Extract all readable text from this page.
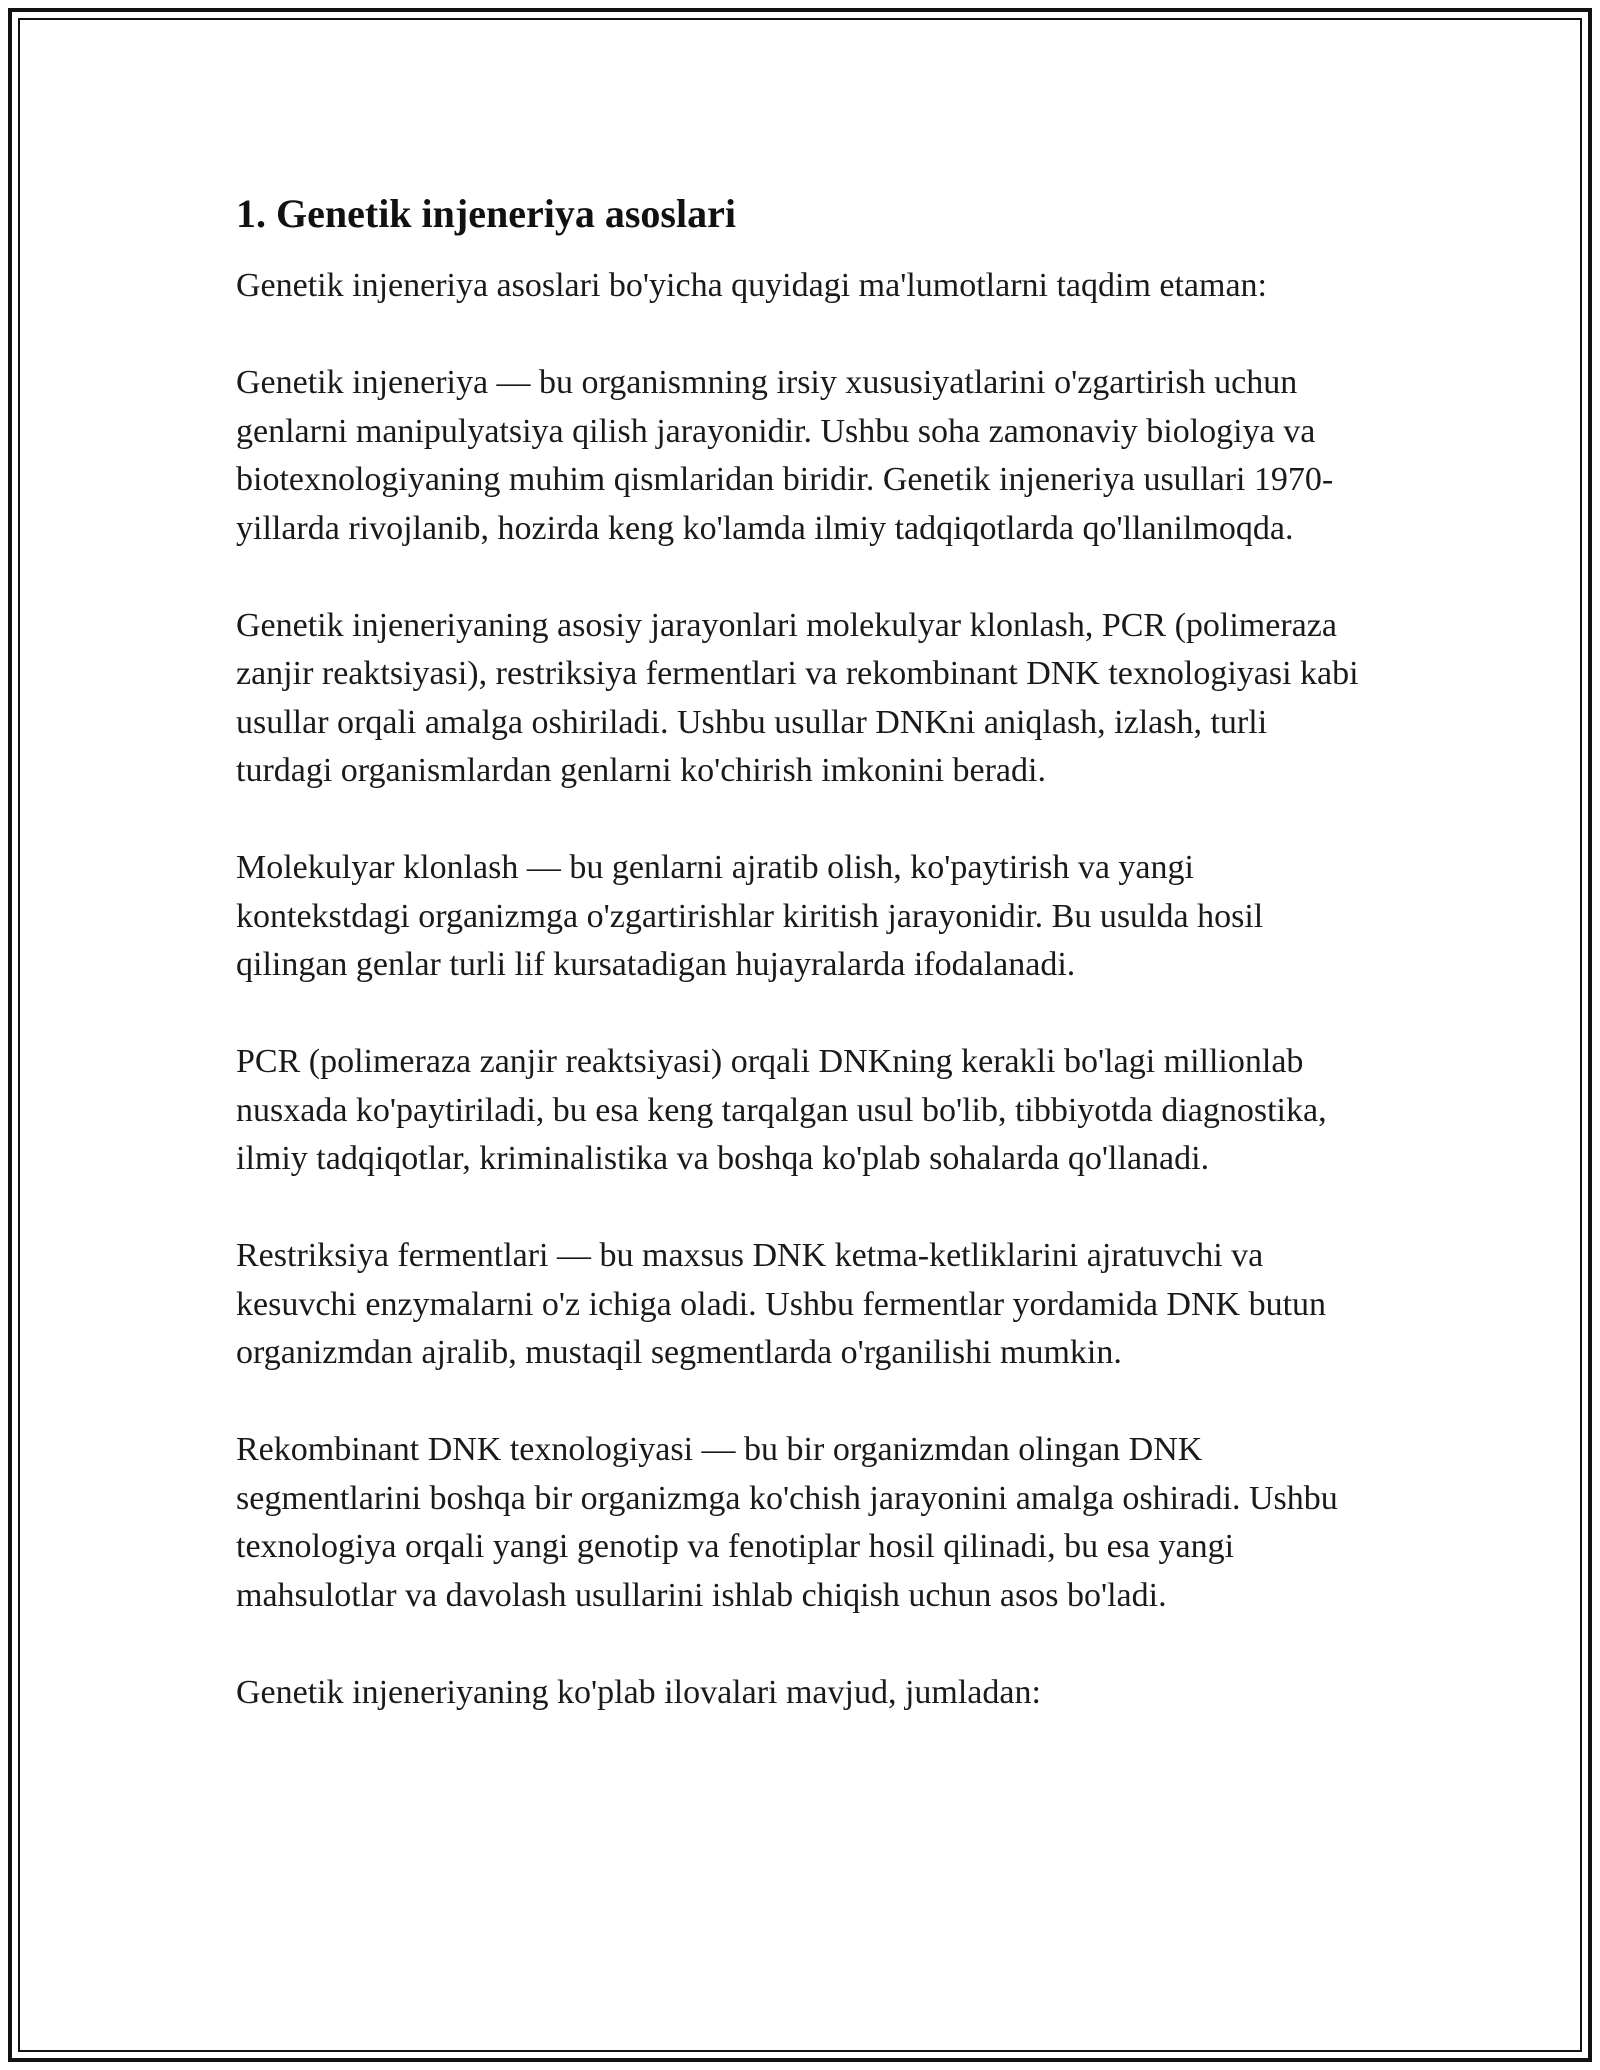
1. Genetik injeneriya asoslari

Genetik injeneriya asoslari bo'yicha quyidagi ma'lumotlarni taqdim etaman:

Genetik injeneriya — bu organismning irsiy xususiyatlarini o'zgartirish uchun genlarni manipulyatsiya qilish jarayonidir. Ushbu soha zamonaviy biologiya va biotexnologiyaning muhim qismlaridan biridir. Genetik injeneriya usullari 1970-yillarda rivojlanib, hozirda keng ko'lamda ilmiy tadqiqotlarda qo'llanilmoqda.

Genetik injeneriyaning asosiy jarayonlari molekulyar klonlash, PCR (polimeraza zanjir reaktsiyasi), restriksiya fermentlari va rekombinant DNK texnologiyasi kabi usullar orqali amalga oshiriladi. Ushbu usullar DNKni aniqlash, izlash, turli turdagi organismlardan genlarni ko'chirish imkonini beradi.

Molekulyar klonlash — bu genlarni ajratib olish, ko'paytirish va yangi kontekstdagi organizmga o'zgartirishlar kiritish jarayonidir. Bu usulda hosil qilingan genlar turli lif kursatadigan hujayralarda ifodalanadi.

PCR (polimeraza zanjir reaktsiyasi) orqali DNKning kerakli bo'lagi millionlab nusxada ko'paytiriladi, bu esa keng tarqalgan usul bo'lib, tibbiyotda diagnostika, ilmiy tadqiqotlar, kriminalistika va boshqa ko'plab sohalarda qo'llanadi.

Restriksiya fermentlari — bu maxsus DNK ketma-ketliklarini ajratuvchi va kesuvchi enzymalarni o'z ichiga oladi. Ushbu fermentlar yordamida DNK butun organizmdan ajralib, mustaqil segmentlarda o'rganilishi mumkin.

Rekombinant DNK texnologiyasi — bu bir organizmdan olingan DNK segmentlarini boshqa bir organizmga ko'chish jarayonini amalga oshiradi. Ushbu texnologiya orqali yangi genotip va fenotiplar hosil qilinadi, bu esa yangi mahsulotlar va davolash usullarini ishlab chiqish uchun asos bo'ladi.

Genetik injeneriyaning ko'plab ilovalari mavjud, jumladan:
